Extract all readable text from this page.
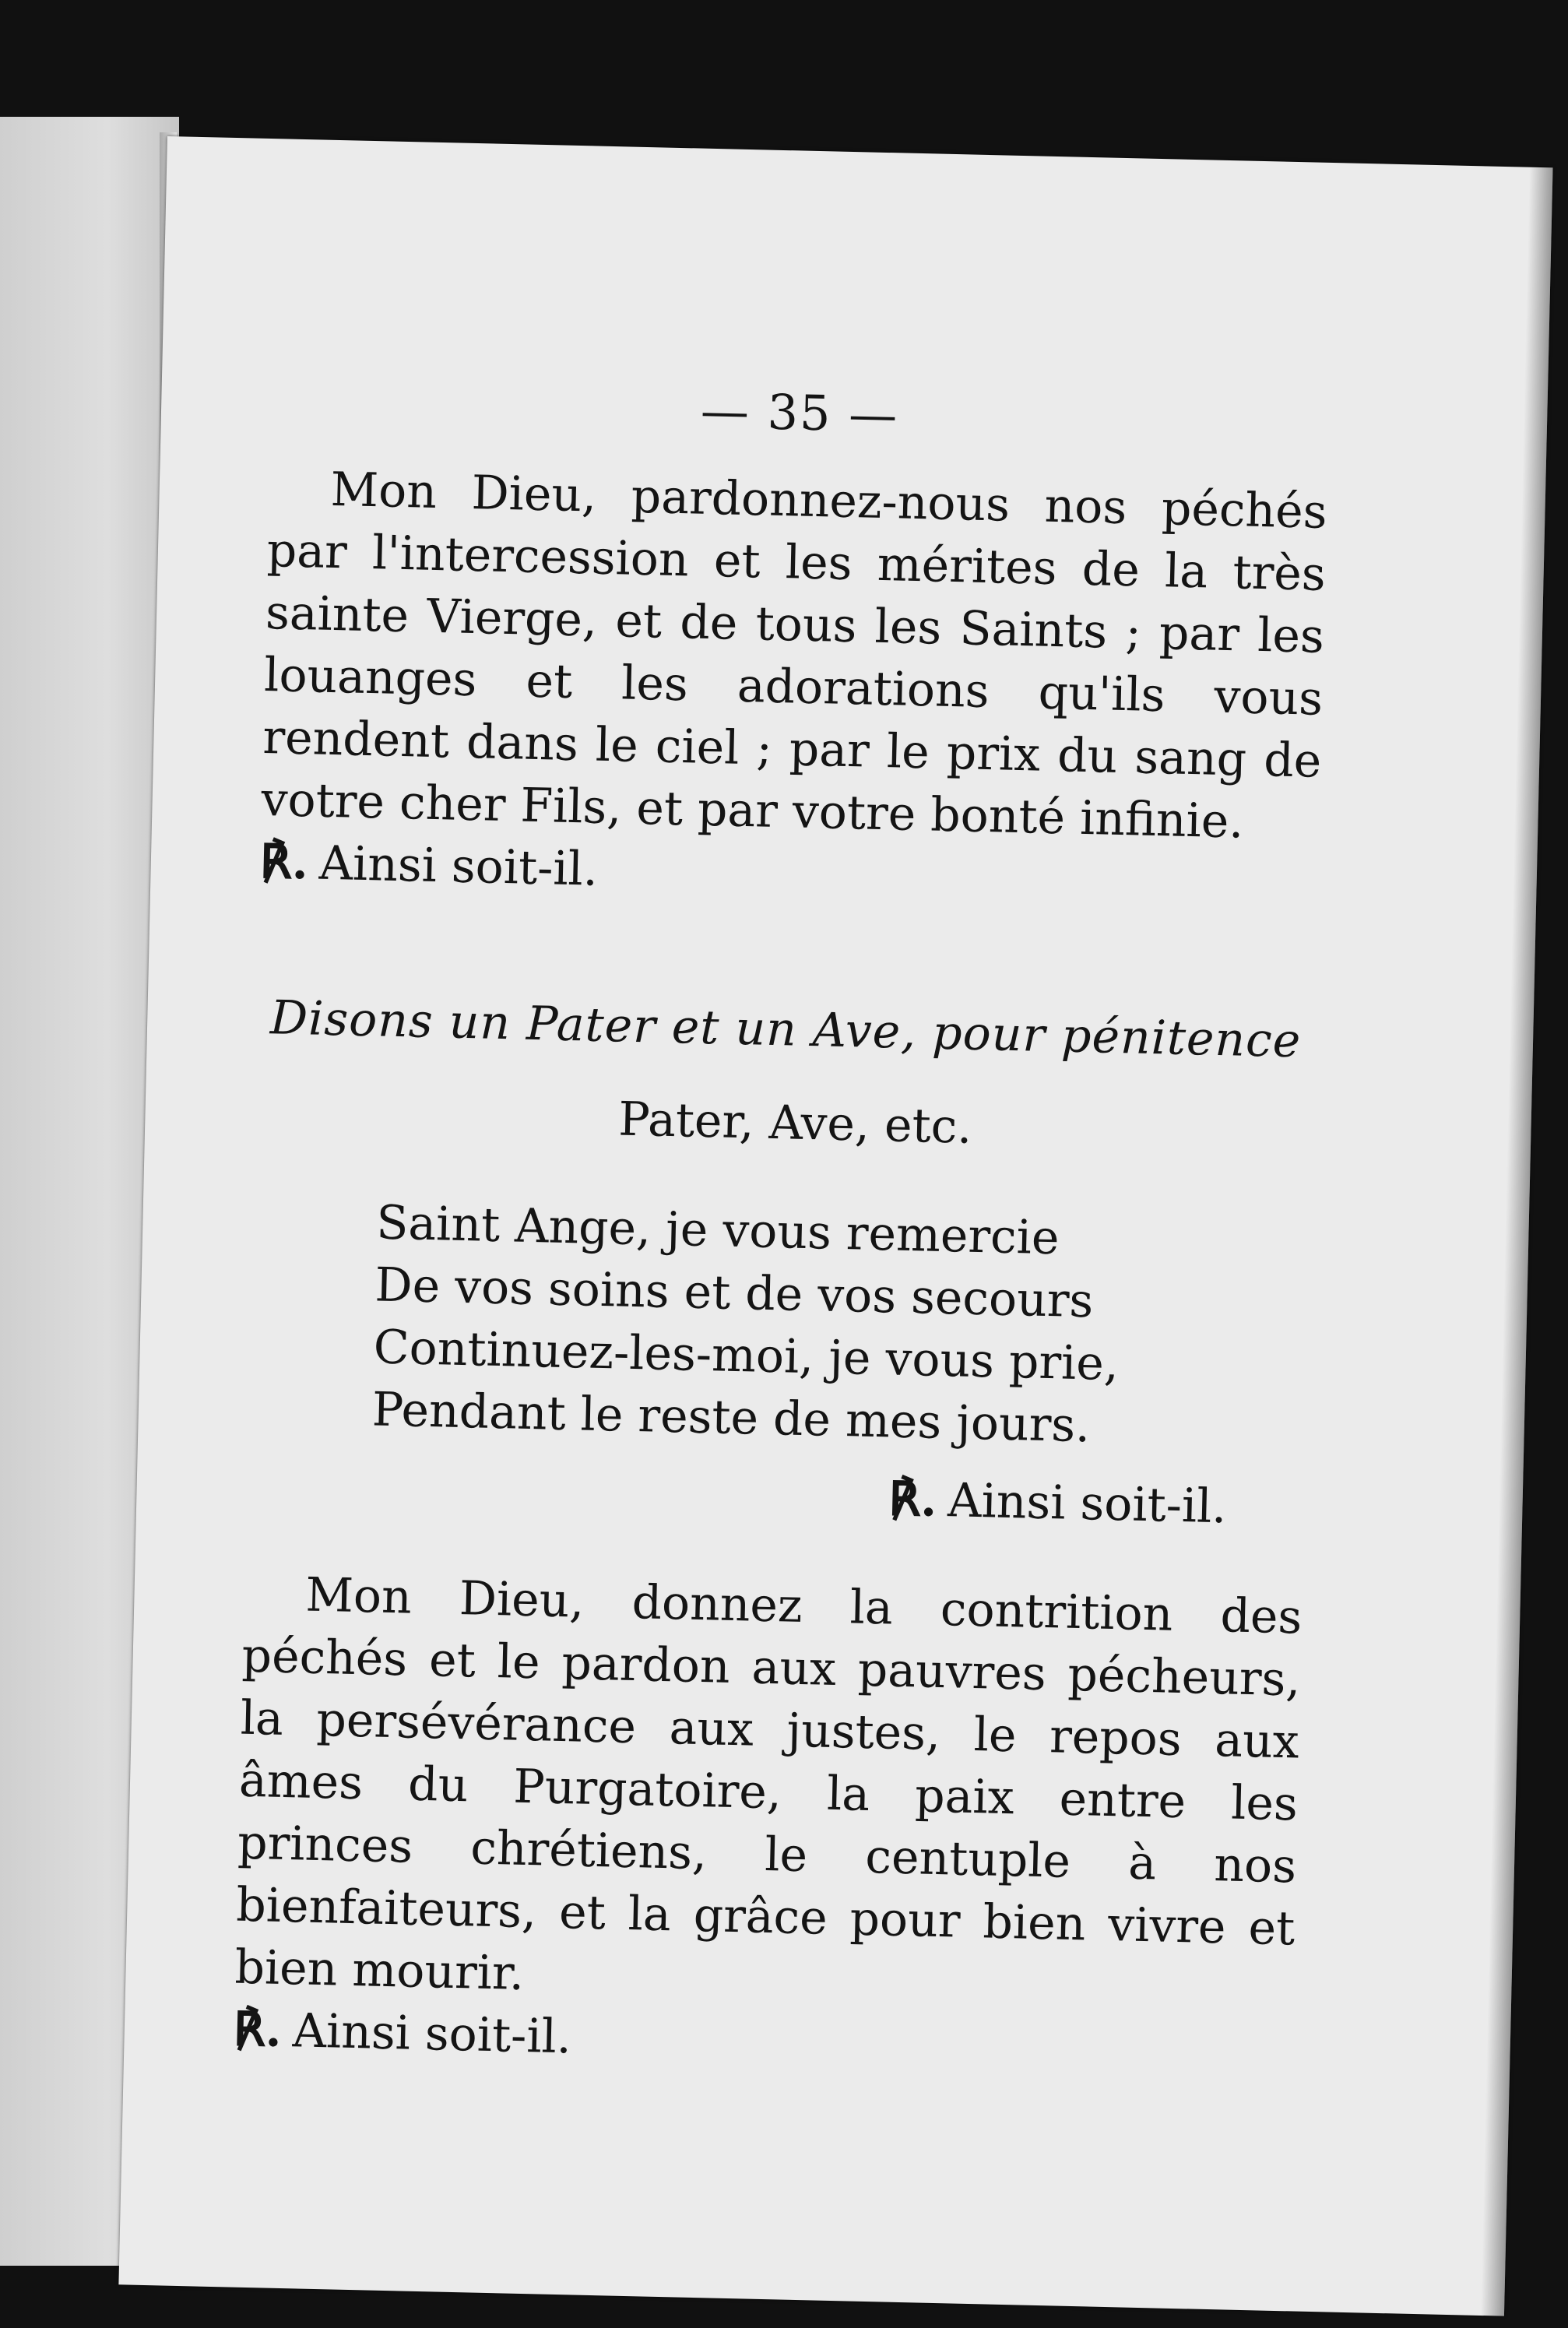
— 35 —

Mon Dieu, pardonnez-nous nos péchés par l'intercession et les mérites de la très sainte Vierge, et de tous les Saints ; par les louanges et les adorations qu'ils vous rendent dans le ciel ; par le prix du sang de votre cher Fils, et par votre bonté infinie.

℟. Ainsi soit-il.

Disons un Pater et un Ave, pour pénitence

Pater, Ave, etc.

Saint Ange, je vous remercie

De vos soins et de vos secours

Continuez-les-moi, je vous prie,

Pendant le reste de mes jours.

℟. Ainsi soit-il.

Mon Dieu, donnez la contrition des péchés et le pardon aux pauvres pécheurs, la persévérance aux justes, le repos aux âmes du Purgatoire, la paix entre les princes chrétiens, le centuple à nos bienfaiteurs, et la grâce pour bien vivre et bien mourir.

℟. Ainsi soit-il.
